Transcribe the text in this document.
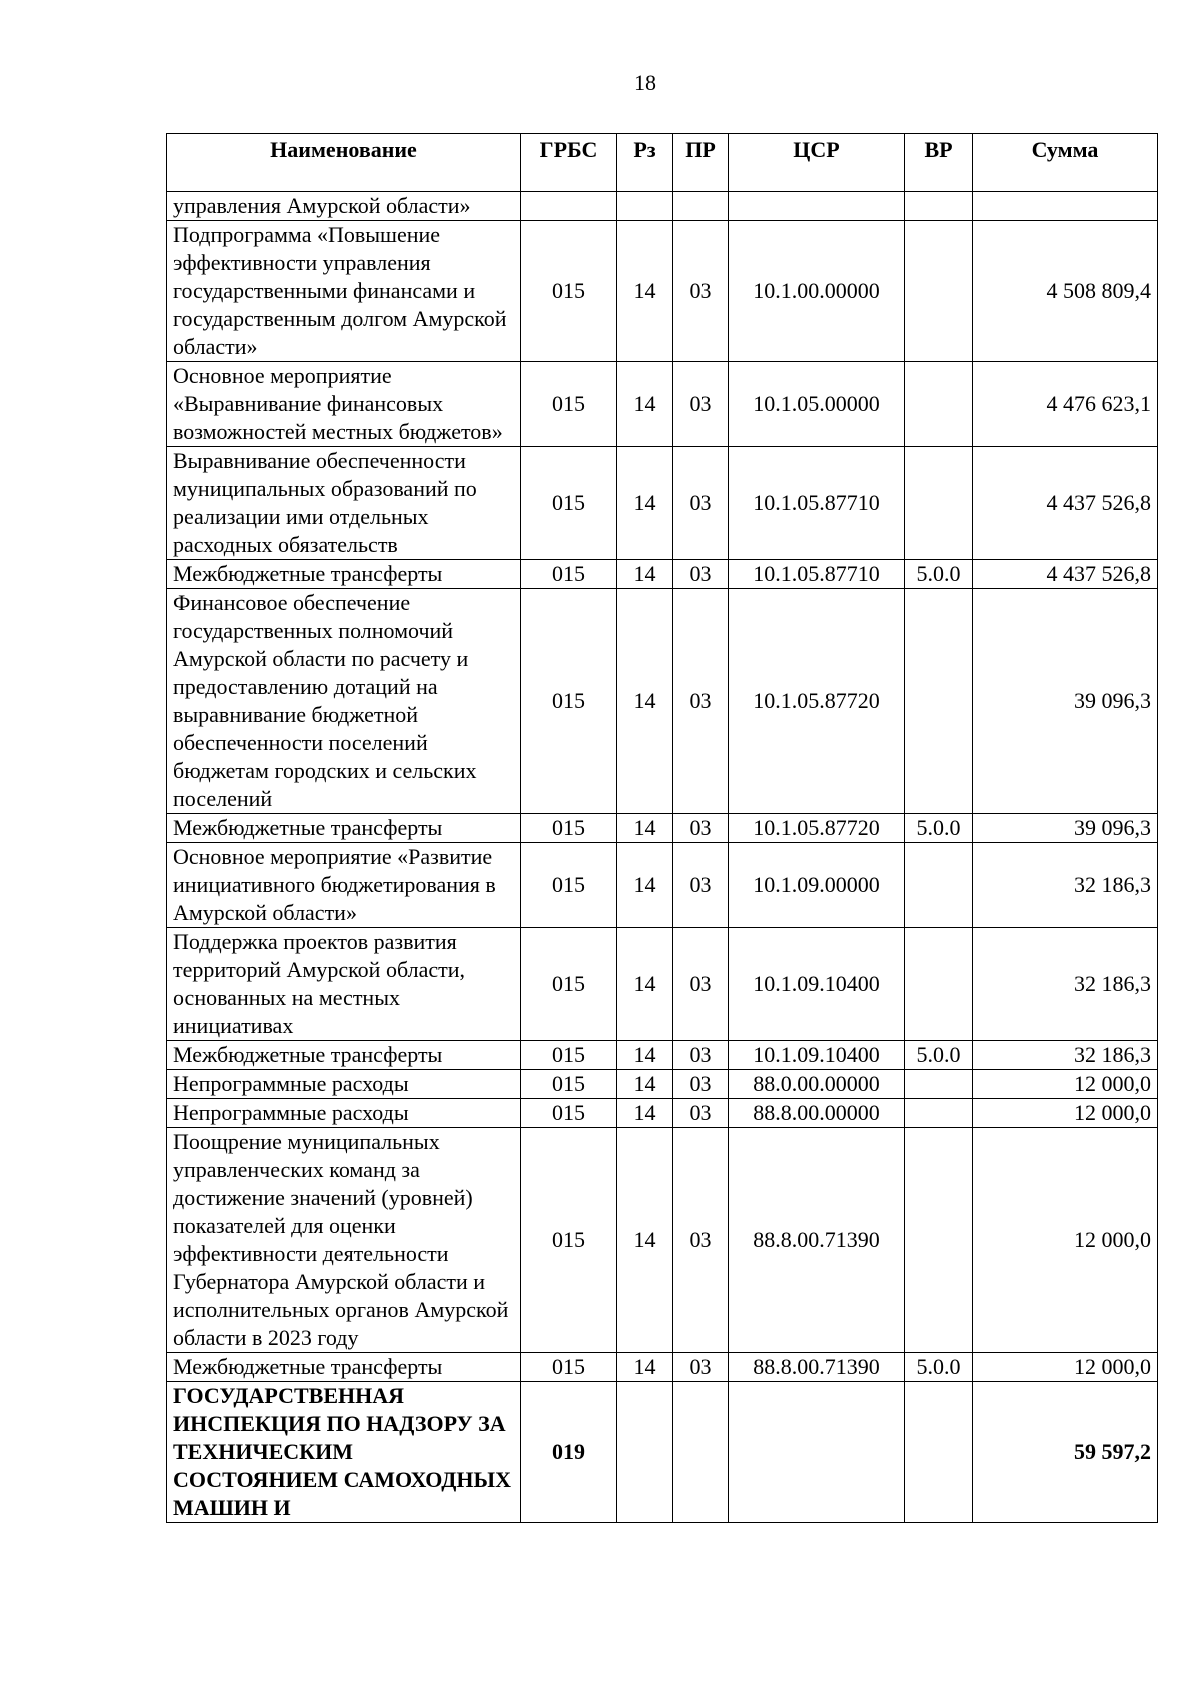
18
Наименование	ГРБС	Рз	ПР	ЦСР	ВР	Сумма
управления Амурской области»						
Подпрограмма «Повышение эффективности управления государственными финансами и государственным долгом Амурской области»	015	14	03	10.1.00.00000		4 508 809,4
Основное мероприятие «Выравнивание финансовых возможностей местных бюджетов»	015	14	03	10.1.05.00000		4 476 623,1
Выравнивание обеспеченности муниципальных образований по реализации ими отдельных расходных обязательств	015	14	03	10.1.05.87710		4 437 526,8
Межбюджетные трансферты	015	14	03	10.1.05.87710	5.0.0	4 437 526,8
Финансовое обеспечение государственных полномочий Амурской области по расчету и предоставлению дотаций на выравнивание бюджетной обеспеченности поселений бюджетам городских и сельских поселений	015	14	03	10.1.05.87720		39 096,3
Межбюджетные трансферты	015	14	03	10.1.05.87720	5.0.0	39 096,3
Основное мероприятие «Развитие инициативного бюджетирования в Амурской области»	015	14	03	10.1.09.00000		32 186,3
Поддержка проектов развития территорий Амурской области, основанных на местных инициативах	015	14	03	10.1.09.10400		32 186,3
Межбюджетные трансферты	015	14	03	10.1.09.10400	5.0.0	32 186,3
Непрограммные расходы	015	14	03	88.0.00.00000		12 000,0
Непрограммные расходы	015	14	03	88.8.00.00000		12 000,0
Поощрение муниципальных управленческих команд за достижение значений (уровней) показателей для оценки эффективности деятельности Губернатора Амурской области и исполнительных органов Амурской области в 2023 году	015	14	03	88.8.00.71390		12 000,0
Межбюджетные трансферты	015	14	03	88.8.00.71390	5.0.0	12 000,0
ГОСУДАРСТВЕННАЯ ИНСПЕКЦИЯ ПО НАДЗОРУ ЗА ТЕХНИЧЕСКИМ СОСТОЯНИЕМ САМОХОДНЫХ МАШИН И	019					59 597,2
